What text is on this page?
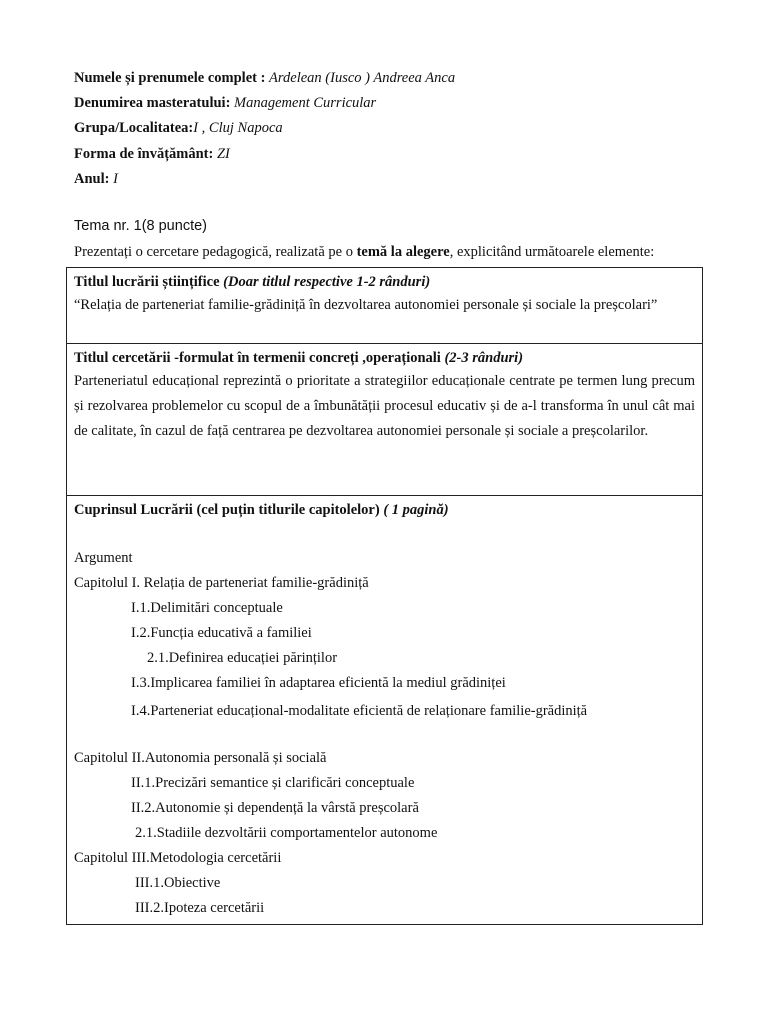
Numele și prenumele complet : Ardelean (Iusco ) Andreea Anca
Denumirea masteratului: Management Curricular
Grupa/Localitatea:I , Cluj Napoca
Forma de învățământ: ZI
Anul: I
Tema nr. 1(8 puncte)
Prezentați o cercetare pedagogică, realizată pe o temă la alegere, explicitând următoarele elemente:
Titlul lucrării științifice (Doar titlul respective 1-2 rânduri)
“Relația de parteneriat familie-grădiniță în dezvoltarea autonomiei personale și sociale la preșcolari”

Titlul cercetării -formulat în termenii concreți ,operaționali (2-3 rânduri)
Parteneriatul educațional reprezintă o prioritate a strategiilor educaționale centrate pe termen lung precum și rezolvarea problemelor cu scopul de a îmbunătății procesul educativ și de a-l transforma în unul cât mai de calitate, în cazul de față centrarea pe dezvoltarea autonomiei personale și sociale a preșcolarilor.

Cuprinsul Lucrării (cel puțin titlurile capitolelor) ( 1 pagină)
Argument
Capitolul I. Relația de parteneriat familie-grădiniță
I.1.Delimitări conceptuale
I.2.Funcția educativă a familiei
2.1.Definirea educației părinților
I.3.Implicarea familiei în adaptarea eficientă la mediul grădiniței
I.4.Parteneriat educațional-modalitate eficientă de relaționare familie-grădiniță
Capitolul II.Autonomia personală și socială
II.1.Precizări semantice și clarificări conceptuale
II.2.Autonomie și dependență la vârstă preșcolară
2.1.Stadiile dezvoltării comportamentelor autonome
Capitolul III.Metodologia cercetării
III.1.Obiective
III.2.Ipoteza cercetării
